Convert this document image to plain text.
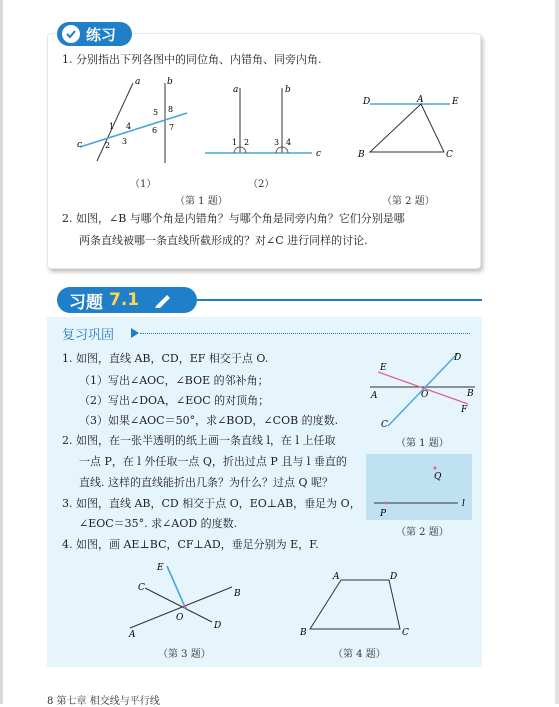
练习
1. 分别指出下列各图中的同位角、内错角、同旁内角.
a	b
c
1 4
2 3
5 8
6 7
（1）
a	b
c
1 2	3 4
（2）
（第 1 题）
D	A	E
B	C
（第 2 题）
2. 如图，∠B 与哪个角是内错角？与哪个角是同旁内角？它们分别是哪
两条直线被哪一条直线所截形成的？对∠C 进行同样的讨论.
习题 7.1
复习巩固
1. 如图，直线 AB，CD，EF 相交于点 O.
（1）写出∠AOC，∠BOE 的邻补角；
（2）写出∠DOA，∠EOC 的对顶角；
（3）如果∠AOC＝50°，求∠BOD，∠COB 的度数.
2. 如图，在一张半透明的纸上画一条直线 l，在 l 上任取
一点 P，在 l 外任取一点 Q，折出过点 P 且与 l 垂直的
直线. 这样的直线能折出几条？为什么？过点 Q 呢？
3. 如图，直线 AB，CD 相交于点 O，EO⊥AB，垂足为 O，
∠EOC＝35°. 求∠AOD 的度数.
4. 如图，画 AE⊥BC，CF⊥AD，垂足分别为 E，F.
A	B
C
D
E
F
O
（第 1 题）
P
Q
l
（第 2 题）
E
C
B
A
D
O
（第 3 题）
A	D
B	C
（第 4 题）
8 第七章 相交线与平行线
